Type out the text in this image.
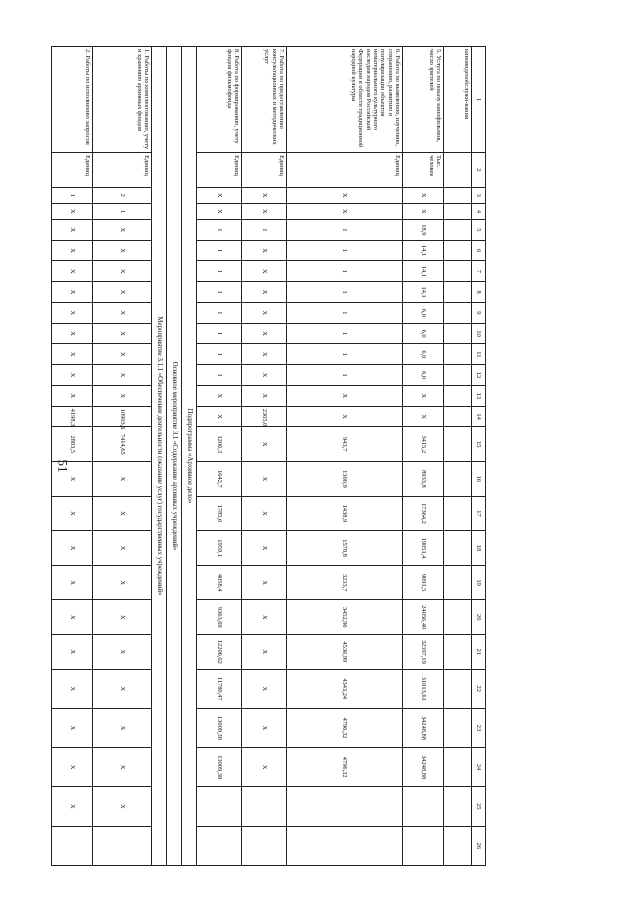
51
1	2	3	4	5	6	7	8	9	10	11	12	13	14	15	16	17	18	19	20	21	22	23	24	25	26
киновидеообслужи-вания																									
5. Услуга по показу кинофильмов, число зрителей	Тыс. человек	X	X	18,9	14,1	14,1	14,1	6,0	6,0	6,0	6,0	X	X	3415,2	8933,8	17364,2	19051,4	9091,5	24056,40	32397,19	31013,61	34248,88	34248,88		
6. Работа по выявлению, изучению, сохранению, развитию и популяризации объектов нематериального культурного наследия народов Российской Федерации в области традиционной народной культуры	Единиц	X	X	1	1	1	1	1	1	1	1	X	X	943,7	1300,9	1438,9	1578,8	3233,7	3452,96	4536,99	4343,24	4796,32	4796,32		
7. Работа по предоставлению консультационных и методических услуг	Единиц	X	X	1	X	X	X	X	X	X	X	X	2305,0	X	X	X	X	X	X	X	X	X	X		
8. Работа по формированию, учету фондов фильмофонда	Единиц	X	X	1	1	1	1	1	1	1	1	X	X	1206,3	1642,7	1785,6	1959,1	4058,4	9363,69	12206,02	11780,47	13009,38	13009,38		
Подпрограмма «Архивное дело»																									
Основное мероприятие 3.1 «Содержание архивных учреждений»																									
Мероприятие 3.1.1 «Обеспечение деятельности (оказание услуг) государственных учреждений»																									
1. Работы по комплектованию, учету и хранению архивных фондов	Единиц	2	1	X	X	X	X	X	X	X	X	X	10903,6	7414,65	X	X	X	X	X	X	X	X	X	X	
2. Работы по исполнению запросов	Единиц	1	X	X	X	X	X	X	X	X	X	X	4198,3	2883,5	X	X	X	X	X	X	X	X	X	X	
